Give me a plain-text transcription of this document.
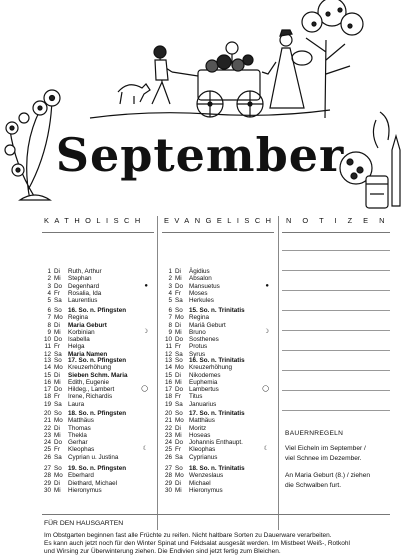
September
KATHOLISCH EVANGELISCH NOTIZEN
1 Di	Ruth, Arthur
2 Mi	Stephan
3 Do Degenhard	●
4 Fr	Rosalia, Ida
5 Sa Laurentius
6 So 16. So. n. Pfingsten
7 Mo Regina
8 Di	Maria Geburt
9 Mi	Korbinian	☽
10 Do Isabella
11 Fr	Helga
12 Sa Maria Namen
13 So 17. So. n. Pfingsten
14 Mo Kreuzerhöhung
15 Di	Sieben Schm. Maria
16 Mi	Edith, Eugenie
17 Do Hildeg., Lambert	◯
18 Fr	Irene, Richardis
19 Sa Laura
20 So 18. So. n. Pfingsten
21 Mo Matthäus
22 Di	Thomas
23 Mi	Thekla
24 Do Gerhar
25 Fr	Kleophas	☾
26 Sa Cyprian u. Justina
27 So 19. So. n. Pfingsten
28 Mo Eberhard
29 Di	Diethard, Michael
30 Mi	Hieronymus
1 Di	Ägidius
2 Mi	Absalon
3 Do Mansuetus	●
4 Fr	Moses
5 Sa Herkules
6 So 15. So. n. Trinitatis
7 Mo Regina
8 Di	Mariä Geburt
9 Mi	Bruno	☽
10 Do Sosthenes
11 Fr	Protus
12 Sa Syrus
13 So 16. So. n. Trinitatis
14 Mo Kreuzerhöhung
15 Di	Nikodemes
16 Mi	Euphemia
17 Do Lambertus	◯
18 Fr	Titus
19 Sa Januarius
20 So 17. So. n. Trinitatis
21 Mo Matthäus
22 Di	Moritz
23 Mi	Hoseas
24 Do Johannis Enthaupt.
25 Fr	Kleophas	☾
26 Sa Cyprianus
27 So 18. So. n. Trinitatis
28 Mo Wenzeslaus
29 Di	Michael
30 Mi	Hieronymus
BAUERNREGELN
Viel Eicheln im September /
viel Schnee im Dezember.
An Maria Geburt (8.) / ziehen
die Schwalben furt.
FÜR DEN HAUSGARTEN
Im Obstgarten beginnen fast alle Früchte zu reifen. Nicht haltbare Sorten zu Dauerware verarbeiten.
Es kann auch jetzt noch für den Winter Spinat und Feldsalat ausgesät werden. Im Mistbeet Weiß-, Rotkohl
und Wirsing zur Überwinterung ziehen. Die Endivien sind jetzt fertig zum Bleichen.
